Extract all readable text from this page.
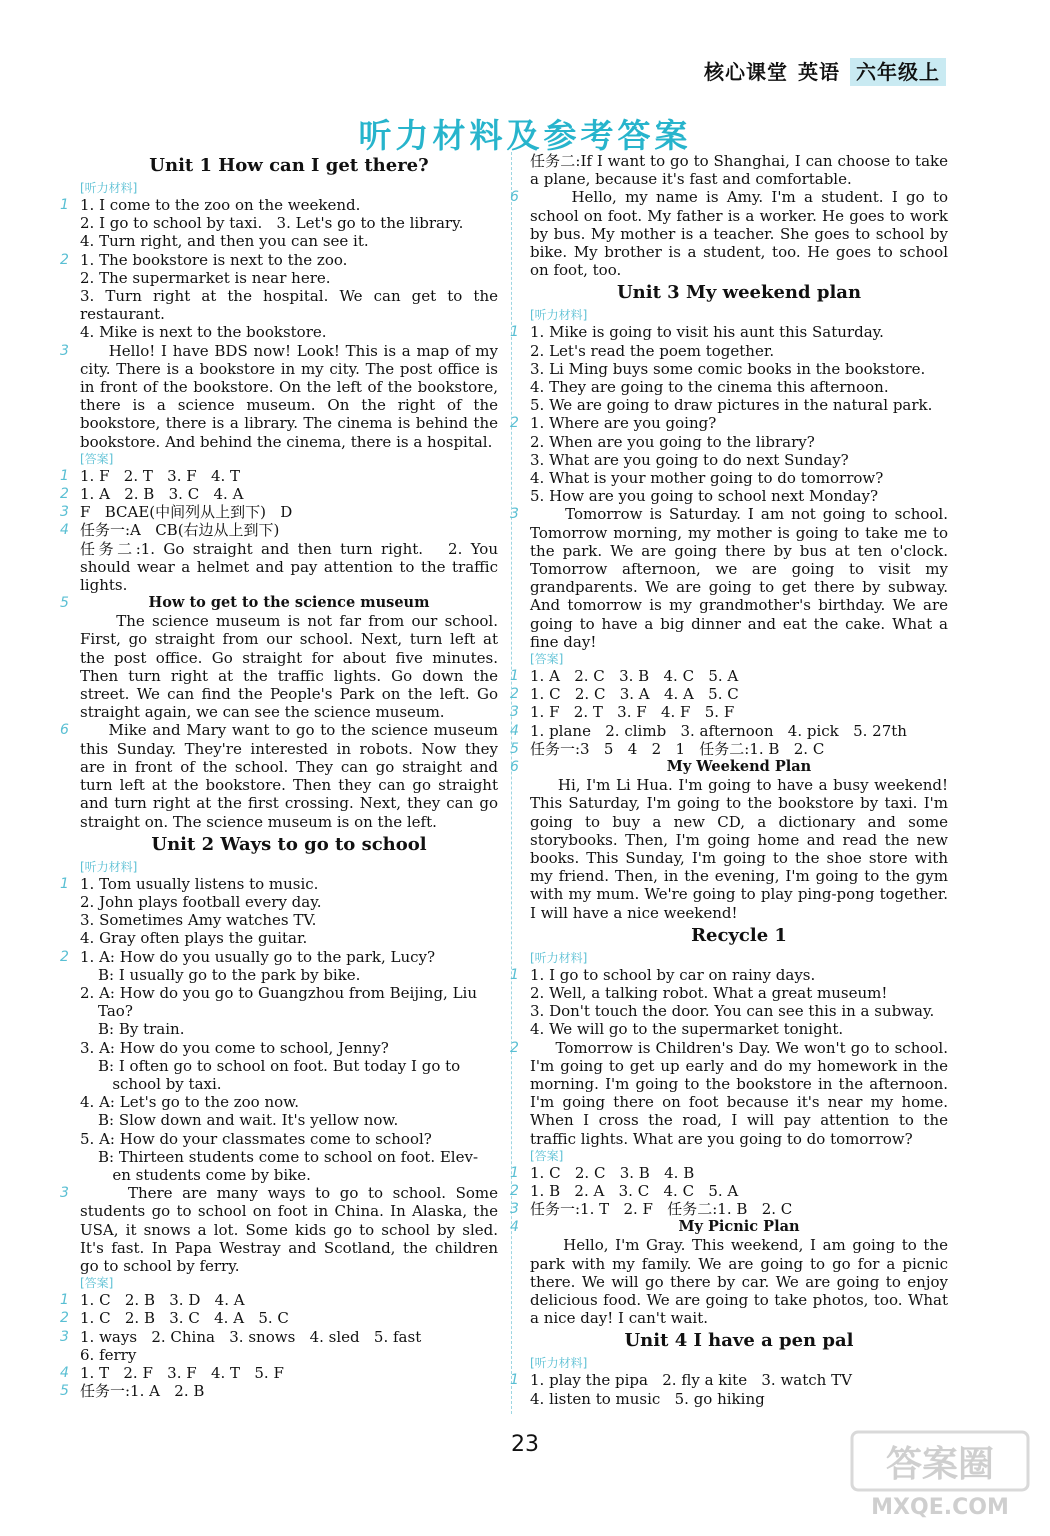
核心课堂 英语 六年级上
听力材料及参考答案
Unit 1 How can I get there?
[听力材料]
1 1. I come to the zoo on the weekend.
2. I go to school by taxi.   3. Let's go to the library.
4. Turn right, and then you can see it.
2 1. The bookstore is next to the zoo.
2. The supermarket is near here.
3. Turn right at the hospital. We can get to the restaurant.
4. Mike is next to the bookstore.
3 Hello! I have BDS now! Look! This is a map of my city. There is a bookstore in my city. The post office is in front of the bookstore. On the left of the bookstore, there is a science museum. On the right of the bookstore, there is a library. The cinema is behind the bookstore. And behind the cinema, there is a hospital.
[答案]
1 1. F   2. T   3. F   4. T
2 1. A   2. B   3. C   4. A
3 F   BCAE(中间列从上到下)   D
4 任务一:A   CB(右边从上到下)
任务二:1. Go straight and then turn right.   2. You should wear a helmet and pay attention to the traffic lights.
5	How to get to the science museum
The science museum is not far from our school. First, go straight from our school. Next, turn left at the post office. Go straight for about five minutes. Then turn right at the traffic lights. Go down the street. We can find the People's Park on the left. Go straight again, we can see the science museum.
6 Mike and Mary want to go to the science museum this Sunday. They're interested in robots. Now they are in front of the school. They can go straight and turn left at the bookstore. Then they can go straight and turn right at the first crossing. Next, they can go straight on. The science museum is on the left.
Unit 2 Ways to go to school
[听力材料]
1 1. Tom usually listens to music.
2. John plays football every day.
3. Sometimes Amy watches TV.
4. Gray often plays the guitar.
2 1. A: How do you usually go to the park, Lucy?
B: I usually go to the park by bike.
2. A: How do you go to Guangzhou from Beijing, Liu
Tao?
B: By train.
3. A: How do you come to school, Jenny?
B: I often go to school on foot. But today I go to
school by taxi.
4. A: Let's go to the zoo now.
B: Slow down and wait. It's yellow now.
5. A: How do your classmates come to school?
B: Thirteen students come to school on foot. Elev-
en students come by bike.
3 There are many ways to go to school. Some students go to school on foot in China. In Alaska, the USA, it snows a lot. Some kids go to school by sled. It's fast. In Papa Westray and Scotland, the children go to school by ferry.
[答案]
1 1. C   2. B   3. D   4. A
2 1. C   2. B   3. C   4. A   5. C
3 1. ways   2. China   3. snows   4. sled   5. fast
6. ferry
4 1. T   2. F   3. F   4. T   5. F
5 任务一:1. A   2. B
任务二:If I want to go to Shanghai, I can choose to take a plane, because it's fast and comfortable.
6 Hello, my name is Amy. I'm a student. I go to school on foot. My father is a worker. He goes to work by bus. My mother is a teacher. She goes to school by bike. My brother is a student, too. He goes to school on foot, too.
Unit 3 My weekend plan
[听力材料]
1 1. Mike is going to visit his aunt this Saturday.
2. Let's read the poem together.
3. Li Ming buys some comic books in the bookstore.
4. They are going to the cinema this afternoon.
5. We are going to draw pictures in the natural park.
2 1. Where are you going?
2. When are you going to the library?
3. What are you going to do next Sunday?
4. What is your mother going to do tomorrow?
5. How are you going to school next Monday?
3 Tomorrow is Saturday. I am not going to school. Tomorrow morning, my mother is going to take me to the park. We are going there by bus at ten o'clock. Tomorrow afternoon, we are going to visit my grandparents. We are going to get there by subway. And tomorrow is my grandmother's birthday. We are going to have a big dinner and eat the cake. What a fine day!
[答案]
1 1. A   2. C   3. B   4. C   5. A
2 1. C   2. C   3. A   4. A   5. C
3 1. F   2. T   3. F   4. F   5. F
4 1. plane   2. climb   3. afternoon   4. pick   5. 27th
5 任务一:3   5   4   2   1   任务二:1. B   2. C
6	My Weekend Plan
Hi, I'm Li Hua. I'm going to have a busy weekend! This Saturday, I'm going to the bookstore by taxi. I'm going to buy a new CD, a dictionary and some storybooks. Then, I'm going home and read the new books. This Sunday, I'm going to the shoe store with my friend. Then, in the evening, I'm going to the gym with my mum. We're going to play ping-pong together. I will have a nice weekend!
Recycle 1
[听力材料]
1 1. I go to school by car on rainy days.
2. Well, a talking robot. What a great museum!
3. Don't touch the door. You can see this in a subway.
4. We will go to the supermarket tonight.
2 Tomorrow is Children's Day. We won't go to school. I'm going to get up early and do my homework in the morning. I'm going to the bookstore in the afternoon. I'm going there on foot because it's near my home. When I cross the road, I will pay attention to the traffic lights. What are you going to do tomorrow?
[答案]
1 1. C   2. C   3. B   4. B
2 1. B   2. A   3. C   4. C   5. A
3 任务一:1. T   2. F   任务二:1. B   2. C
4	My Picnic Plan
Hello, I'm Gray. This weekend, I am going to the park with my family. We are going to go for a picnic there. We will go there by car. We are going to enjoy delicious food. We are going to take photos, too. What a nice day! I can't wait.
Unit 4 I have a pen pal
[听力材料]
1 1. play the pipa   2. fly a kite   3. watch TV
4. listen to music   5. go hiking
23	答案圈
MXQE.COM
